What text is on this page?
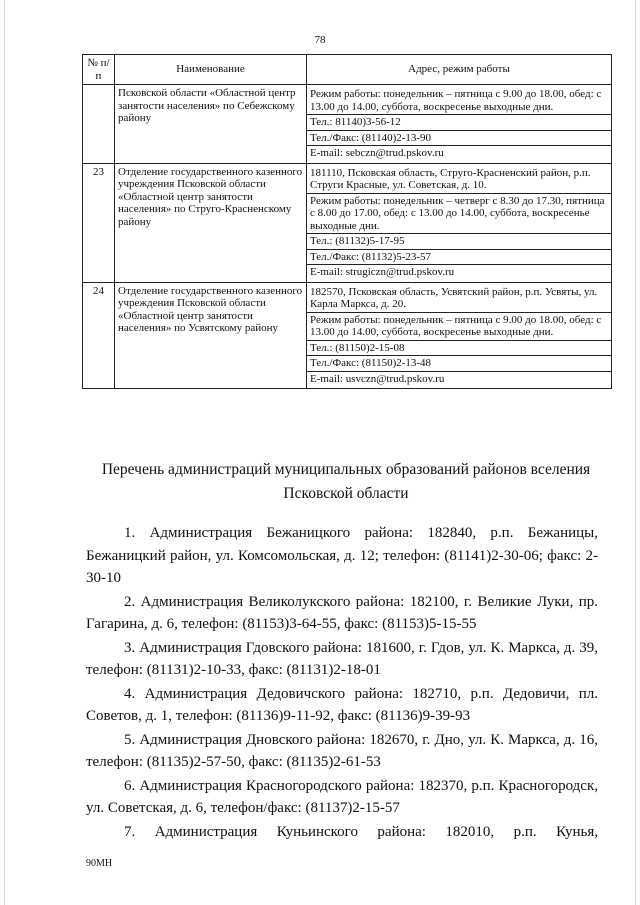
78
№ п/п	Наименование	Адрес, режим работы
	Псковской области «Областной центр занятости населения» по Себежскому району	Режим работы: понедельник – пятница с 9.00 до 18.00, обед: с 13.00 до 14.00, суббота, воскресенье выходные дни.
Тел.: 81140)3-56-12
Тел./Факс: (81140)2-13-90
E-mail: sebczn@trud.pskov.ru

23	Отделение государственного казенного учреждения Псковской области «Областной центр занятости населения» по Струго-Красненскому району	181110, Псковская область, Струго-Красненский район, р.п. Струги Красные, ул. Советская, д. 10.
Режим работы: понедельник – четверг с 8.30 до 17.30, пятница с 8.00 до 17.00, обед: с 13.00 до 14.00, суббота, воскресенье выходные дни.
Тел.: (81132)5-17-95
Тел./Факс: (81132)5-23-57
E-mail: strugiczn@trud.pskov.ru

24	Отделение государственного казенного учреждения Псковской области «Областной центр занятости населения» по Усвятскому району	182570, Псковская область, Усвятский район, р.п. Усвяты, ул. Карла Маркса, д. 20.
Режим работы: понедельник – пятница с 9.00 до 18.00, обед: с 13.00 до 14.00, суббота, воскресенье выходные дни.
Тел.: (81150)2-15-08
Тел./Факс: (81150)2-13-48
E-mail: usvczn@trud.pskov.ru
Перечень администраций муниципальных образований районов вселения Псковской области

1. Администрация Бежаницкого района: 182840, р.п. Бежаницы, Бежаницкий район, ул. Комсомольская, д. 12; телефон: (81141)2-30-06; факс: 2-30-10

2. Администрация Великолукского района: 182100, г. Великие Луки, пр. Гагарина, д. 6, телефон: (81153)3-64-55, факс: (81153)5-15-55

3. Администрация Гдовского района: 181600, г. Гдов, ул. К. Маркса, д. 39, телефон: (81131)2-10-33, факс: (81131)2-18-01

4. Администрация Дедовичского района: 182710, р.п. Дедовичи, пл. Советов, д. 1, телефон: (81136)9-11-92, факс: (81136)9-39-93

5. Администрация Дновского района: 182670, г. Дно, ул. К. Маркса, д. 16, телефон: (81135)2-57-50, факс: (81135)2-61-53

6. Администрация Красногородского района: 182370, р.п. Красногородск, ул. Советская, д. 6, телефон/факс: (81137)2-15-57

7. Администрация Куньинского района: 182010, р.п. Кунья,

90МН
